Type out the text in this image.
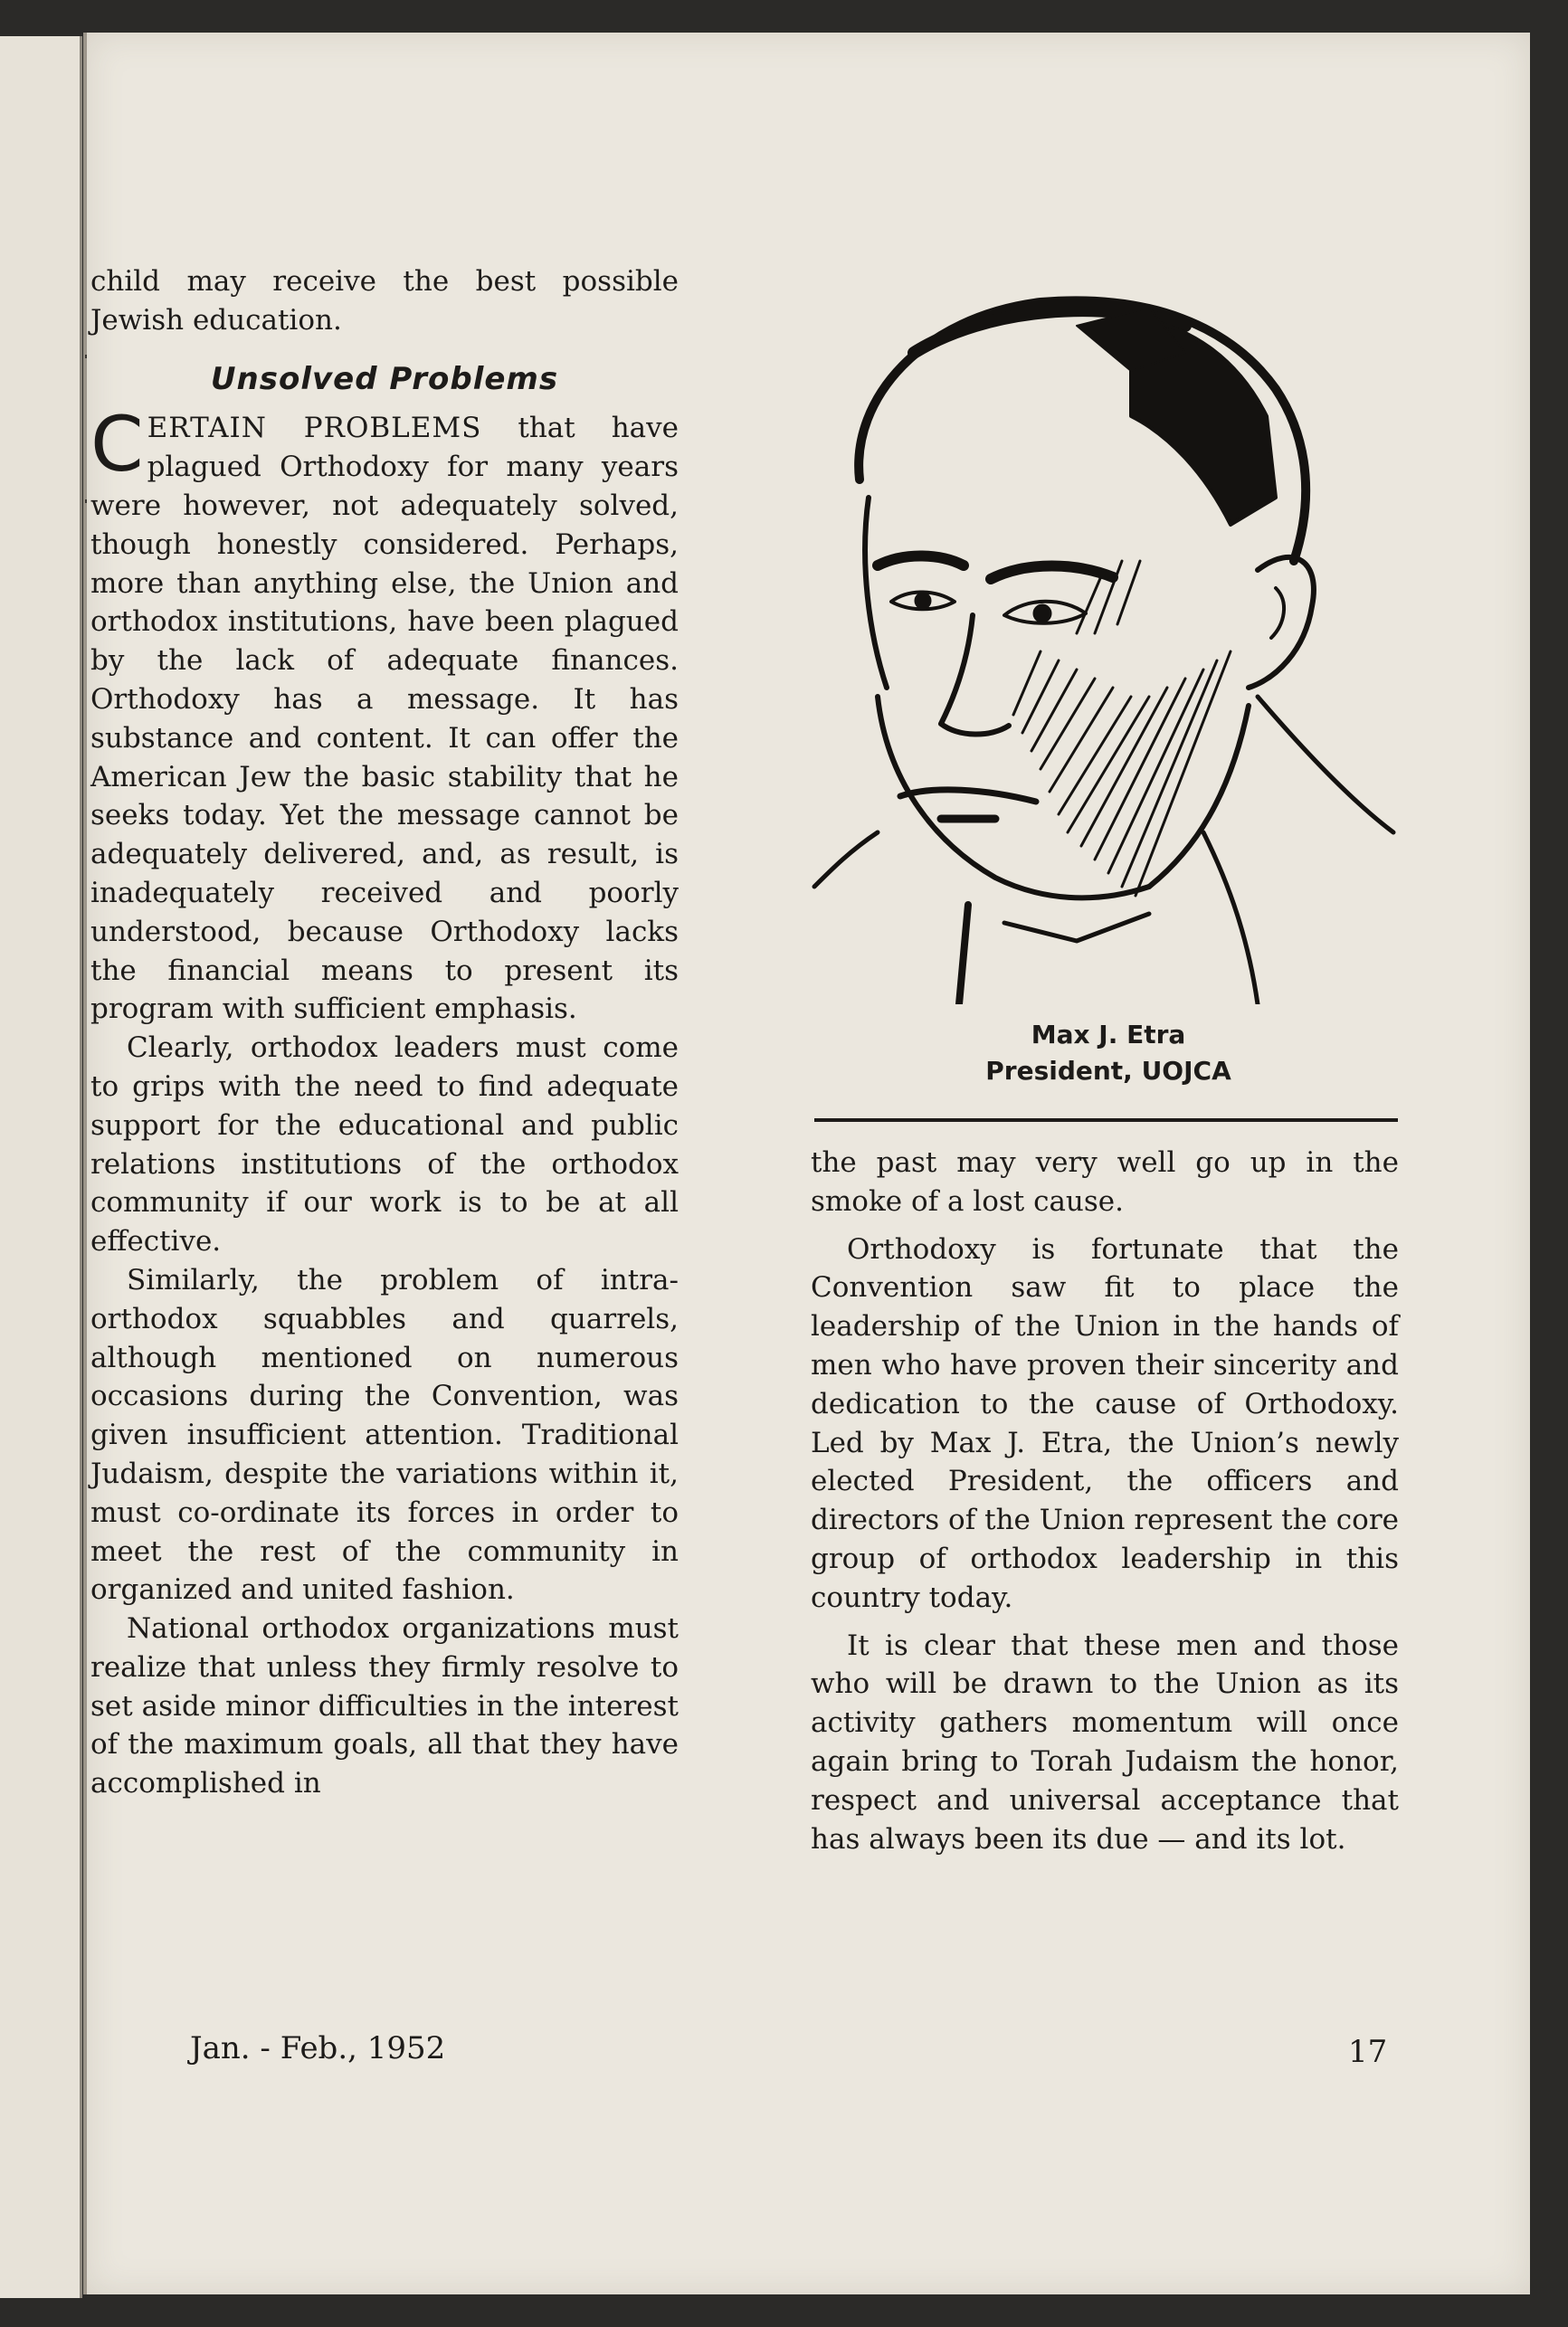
child may receive the best possible Jewish education.

Unsolved Problems

CERTAIN PROBLEMS that have plagued Orthodoxy for many years were however, not adequately solved, though honestly considered. Perhaps, more than anything else, the Union and orthodox institutions, have been plagued by the lack of adequate finances. Orthodoxy has a message. It has substance and content. It can offer the American Jew the basic stability that he seeks today. Yet the message cannot be adequately delivered, and, as result, is inadequately received and poorly understood, because Orthodoxy lacks the financial means to present its program with sufficient emphasis.

Clearly, orthodox leaders must come to grips with the need to find adequate support for the educational and public relations institutions of the orthodox community if our work is to be at all effective.

Similarly, the problem of intra-orthodox squabbles and quarrels, although mentioned on numerous occasions during the Convention, was given insufficient attention. Traditional Judaism, despite the variations within it, must co-ordinate its forces in order to meet the rest of the community in organized and united fashion.

National orthodox organizations must realize that unless they firmly resolve to set aside minor difficulties in the interest of the maximum goals, all that they have accomplished in

Max J. Etra
President, UOJCA

the past may very well go up in the smoke of a lost cause.

Orthodoxy is fortunate that the Convention saw fit to place the leadership of the Union in the hands of men who have proven their sincerity and dedication to the cause of Orthodoxy. Led by Max J. Etra, the Union’s newly elected President, the officers and directors of the Union represent the core group of orthodox leadership in this country today.

It is clear that these men and those who will be drawn to the Union as its activity gathers momentum will once again bring to Torah Judaism the honor, respect and universal acceptance that has always been its due — and its lot.

Jan. - Feb., 1952	17
